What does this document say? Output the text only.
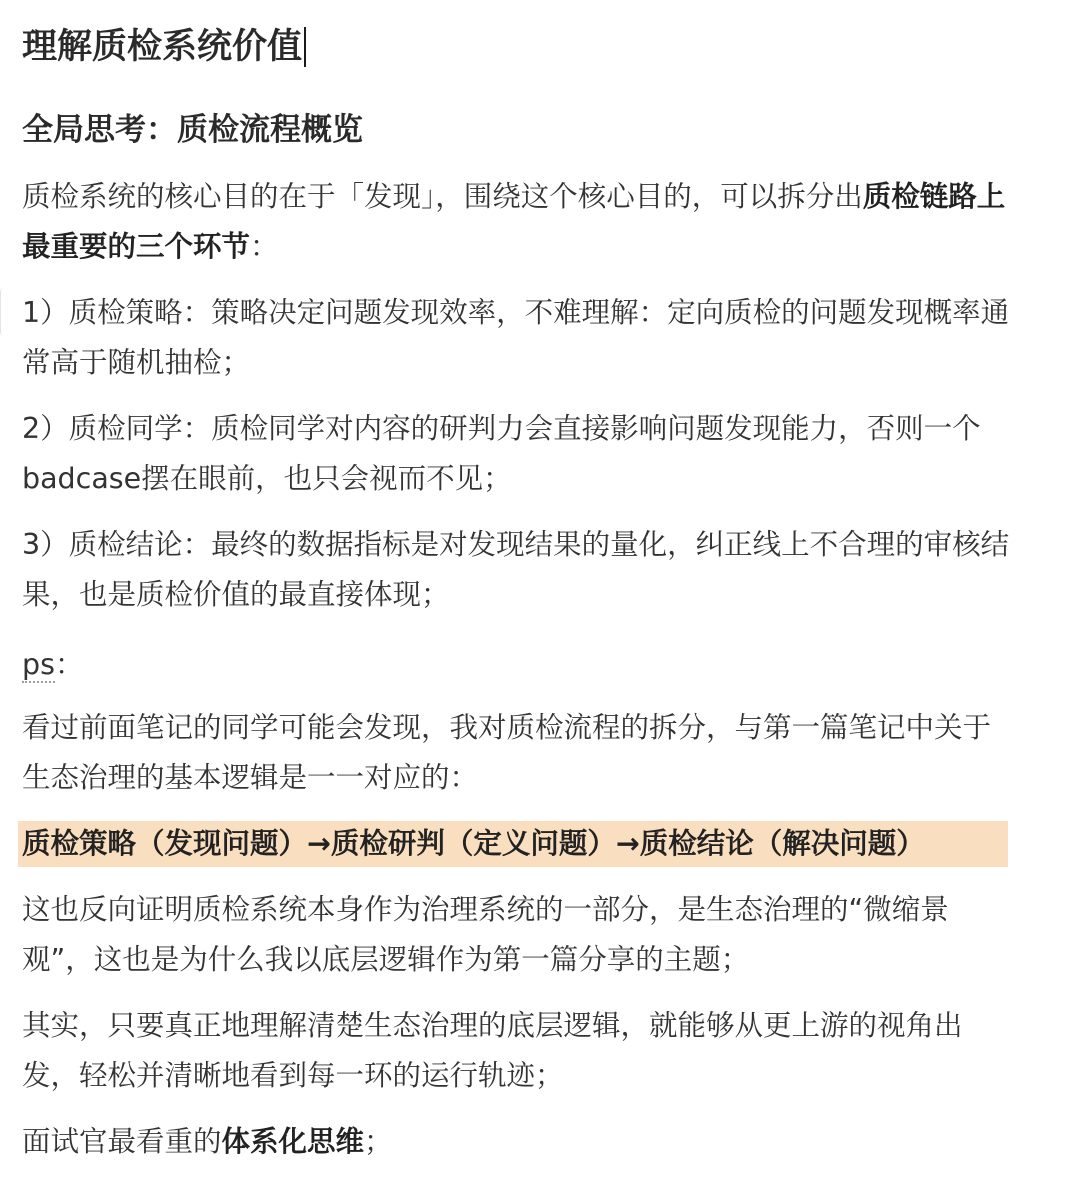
理解质检系统价值
全局思考：质检流程概览
质检系统的核心目的在于「发现」，围绕这个核心目的，可以拆分出质检链路上
最重要的三个环节：
1）质检策略：策略决定问题发现效率，不难理解：定向质检的问题发现概率通
常高于随机抽检；
2）质检同学：质检同学对内容的研判力会直接影响问题发现能力，否则一个
badcase摆在眼前，也只会视而不见；
3）质检结论：最终的数据指标是对发现结果的量化，纠正线上不合理的审核结
果，也是质检价值的最直接体现；
ps：
看过前面笔记的同学可能会发现，我对质检流程的拆分，与第一篇笔记中关于
生态治理的基本逻辑是一一对应的：
质检策略（发现问题）→质检研判（定义问题）→质检结论（解决问题）
这也反向证明质检系统本身作为治理系统的一部分，是生态治理的“微缩景
观”，这也是为什么我以底层逻辑作为第一篇分享的主题；
其实，只要真正地理解清楚生态治理的底层逻辑，就能够从更上游的视角出
发，轻松并清晰地看到每一环的运行轨迹；
面试官最看重的体系化思维；
